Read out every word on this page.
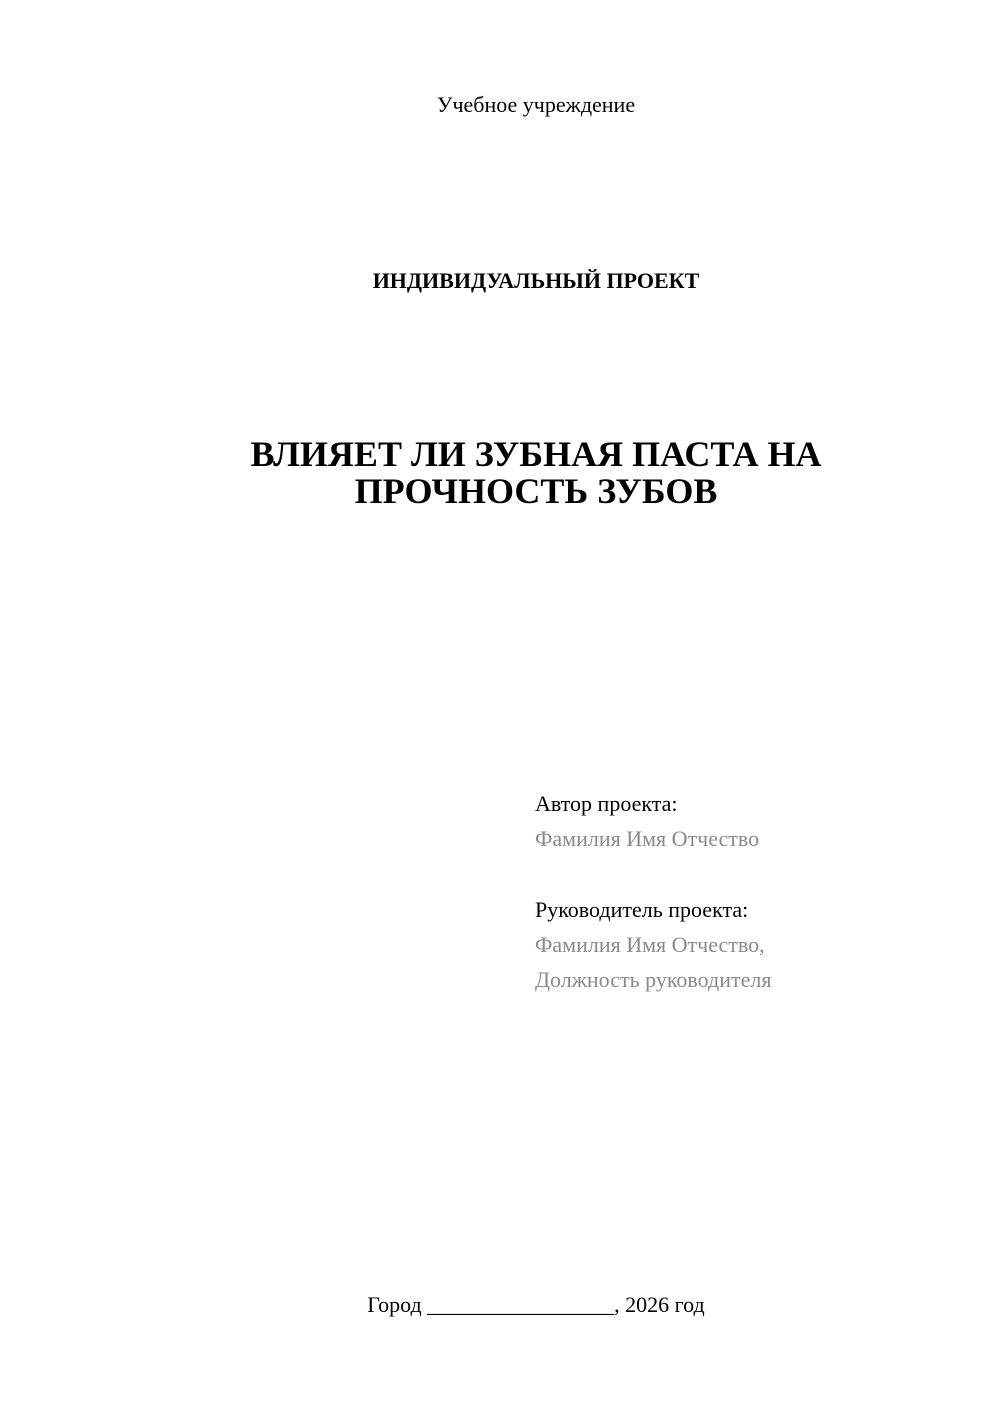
Учебное учреждение
ИНДИВИДУАЛЬНЫЙ ПРОЕКТ
ВЛИЯЕТ ЛИ ЗУБНАЯ ПАСТА НА
ПРОЧНОСТЬ ЗУБОВ
Автор проекта:
Фамилия Имя Отчество
Руководитель проекта:
Фамилия Имя Отчество,
Должность руководителя
Город _________________, 2026 год
